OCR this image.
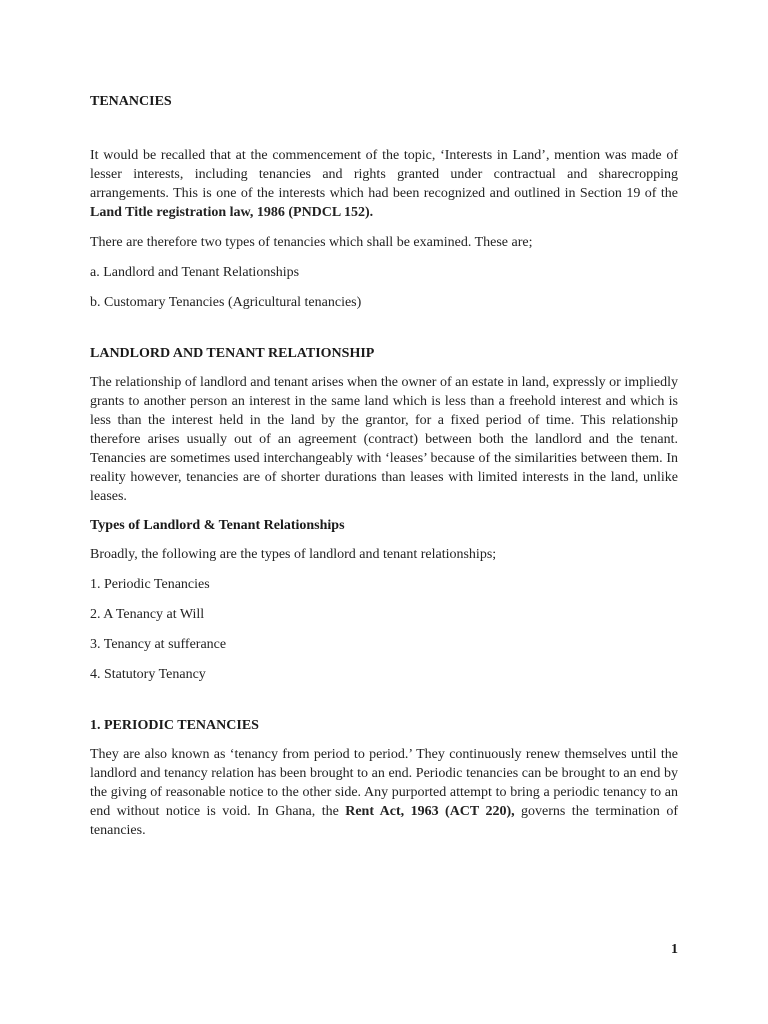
TENANCIES

It would be recalled that at the commencement of the topic, ‘Interests in Land’, mention was made of lesser interests, including tenancies and rights granted under contractual and sharecropping arrangements. This is one of the interests which had been recognized and outlined in Section 19 of the Land Title registration law, 1986 (PNDCL 152).

There are therefore two types of tenancies which shall be examined. These are;

a. Landlord and Tenant Relationships

b. Customary Tenancies (Agricultural tenancies)

LANDLORD AND TENANT RELATIONSHIP

The relationship of landlord and tenant arises when the owner of an estate in land, expressly or impliedly grants to another person an interest in the same land which is less than a freehold interest and which is less than the interest held in the land by the grantor, for a fixed period of time. This relationship therefore arises usually out of an agreement (contract) between both the landlord and the tenant. Tenancies are sometimes used interchangeably with ‘leases’ because of the similarities between them. In reality however, tenancies are of shorter durations than leases with limited interests in the land, unlike leases.

Types of Landlord & Tenant Relationships

Broadly, the following are the types of landlord and tenant relationships;

1. Periodic Tenancies

2. A Tenancy at Will

3. Tenancy at sufferance

4. Statutory Tenancy

1. PERIODIC TENANCIES

They are also known as ‘tenancy from period to period.’ They continuously renew themselves until the landlord and tenancy relation has been brought to an end. Periodic tenancies can be brought to an end by the giving of reasonable notice to the other side. Any purported attempt to bring a periodic tenancy to an end without notice is void. In Ghana, the Rent Act, 1963 (ACT 220), governs the termination of tenancies.

1
